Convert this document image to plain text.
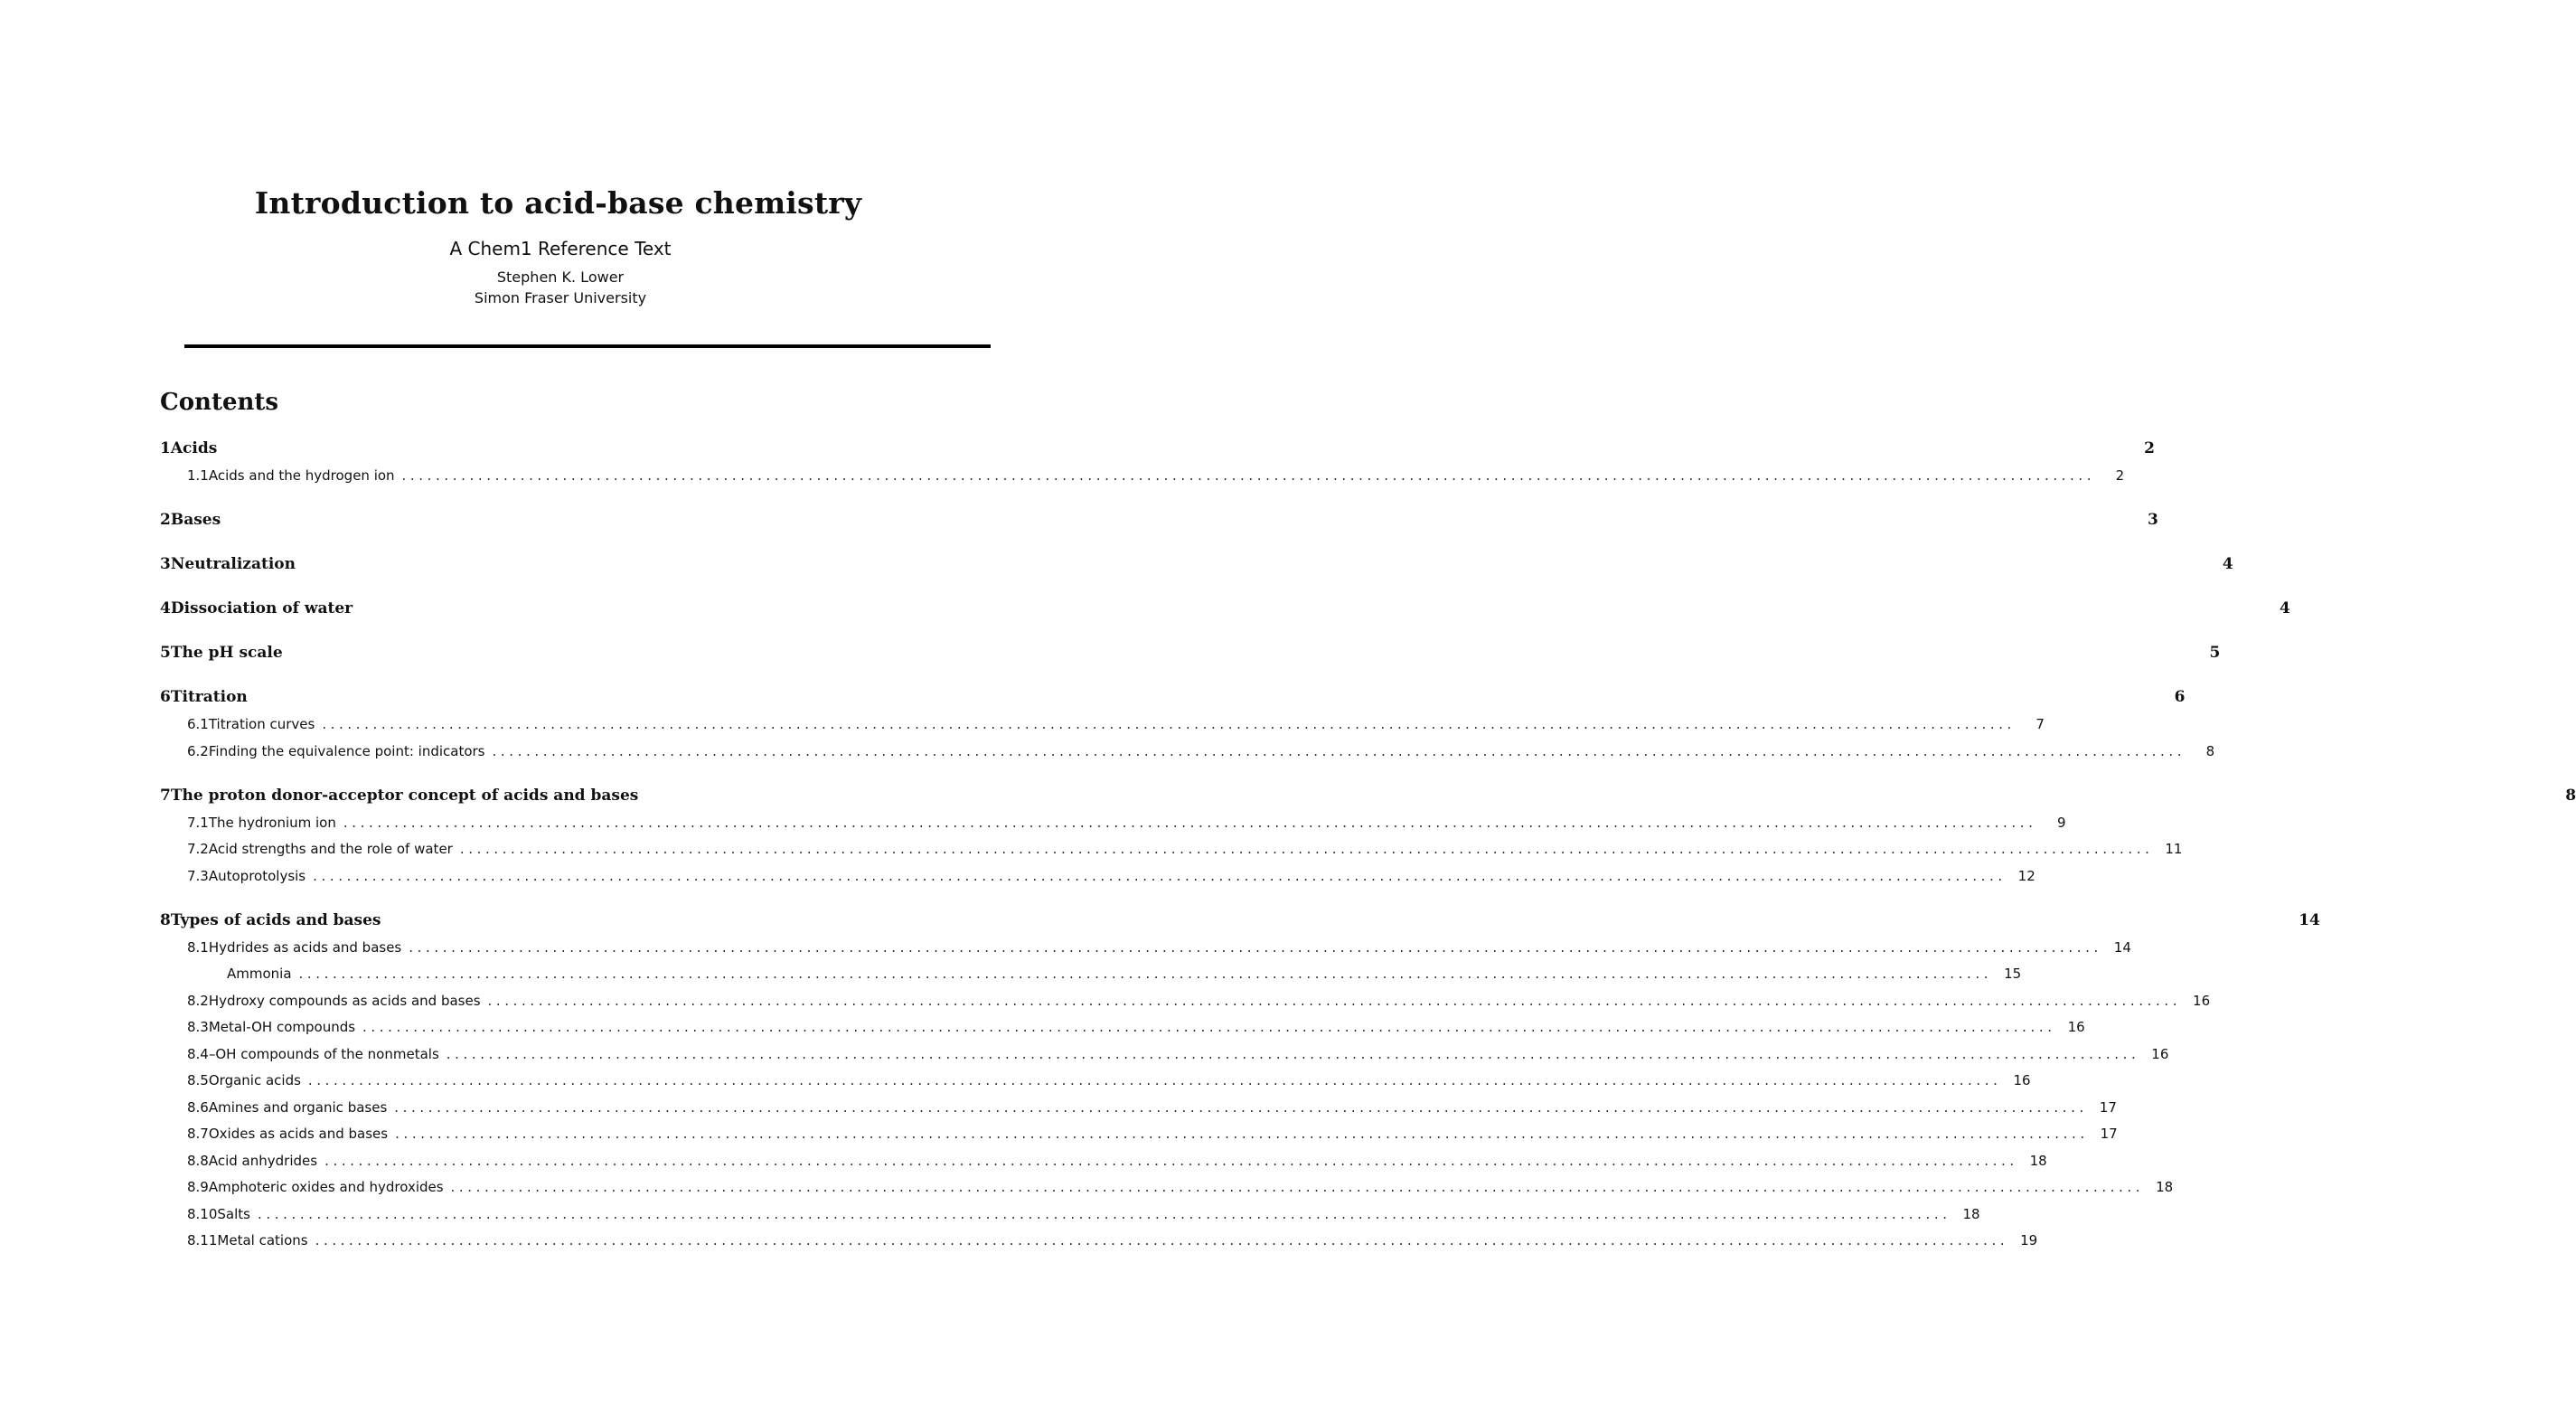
Introduction to acid-base chemistry
A Chem1 Reference Text
Stephen K. Lower
Simon Fraser University
Contents
1 Acids	2
1.1 Acids and the hydrogen ion ........................................................................................................................................................................................................	2
2 Bases	3
3 Neutralization	4
4 Dissociation of water	4
5 The pH scale	5
6 Titration	6
6.1 Titration curves ........................................................................................................................................................................................................	7
6.2 Finding the equivalence point: indicators ........................................................................................................................................................................................................	8
7 The proton donor-acceptor concept of acids and bases	8
7.1 The hydronium ion ........................................................................................................................................................................................................	9
7.2 Acid strengths and the role of water ........................................................................................................................................................................................................ 11
7.3 Autoprotolysis ........................................................................................................................................................................................................ 12
8 Types of acids and bases	14
8.1 Hydrides as acids and bases ........................................................................................................................................................................................................ 14
Ammonia ........................................................................................................................................................................................................ 15
8.2 Hydroxy compounds as acids and bases ........................................................................................................................................................................................................ 16
8.3 Metal-OH compounds ........................................................................................................................................................................................................ 16
8.4 –OH compounds of the nonmetals ........................................................................................................................................................................................................ 16
8.5 Organic acids ........................................................................................................................................................................................................ 16
8.6 Amines and organic bases ........................................................................................................................................................................................................ 17
8.7 Oxides as acids and bases ........................................................................................................................................................................................................ 17
8.8 Acid anhydrides ........................................................................................................................................................................................................ 18
8.9 Amphoteric oxides and hydroxides ........................................................................................................................................................................................................ 18
8.10 Salts ........................................................................................................................................................................................................ 18
8.11 Metal cations ........................................................................................................................................................................................................ 19
